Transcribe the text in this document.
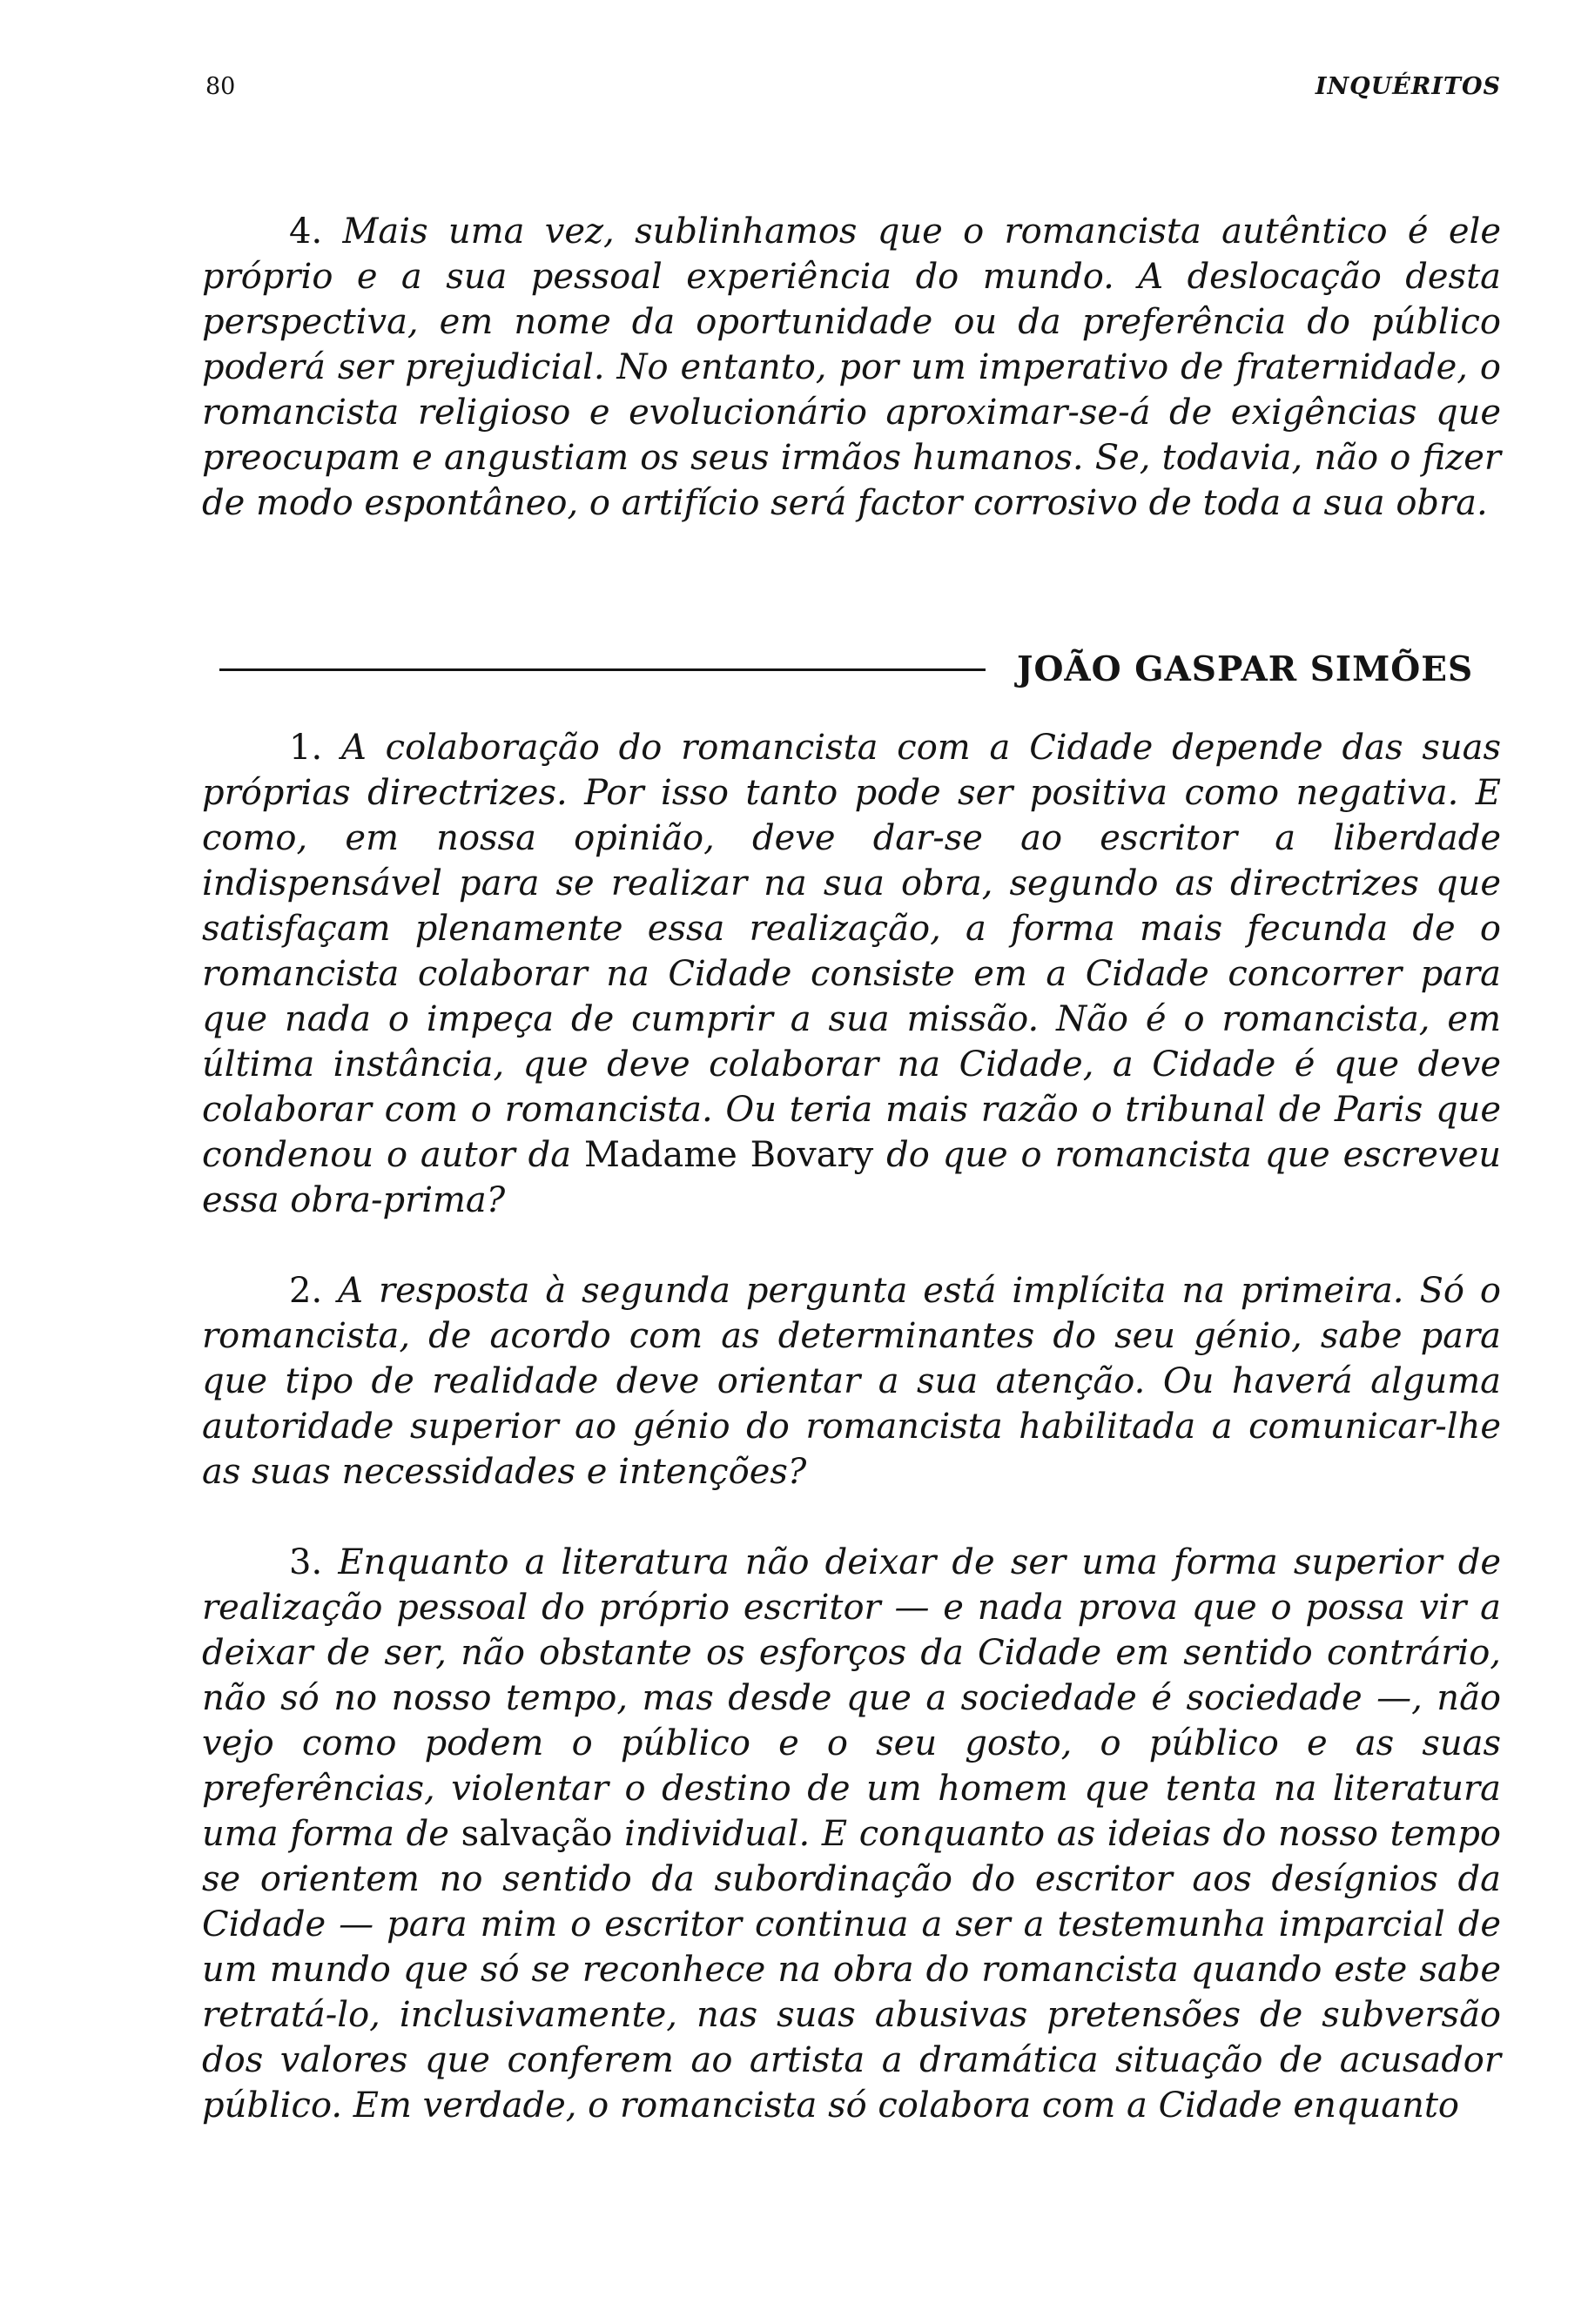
80	INQUÉRITOS

4. Mais uma vez, sublinhamos que o romancista autêntico é ele próprio e a sua pessoal experiência do mundo. A deslocação desta perspectiva, em nome da oportunidade ou da preferência do público poderá ser prejudicial. No entanto, por um imperativo de fraternidade, o romancista religioso e evolucionário aproximar-se-á de exigências que preocupam e angustiam os seus irmãos humanos. Se, todavia, não o fizer de modo espontâneo, o artifício será factor corrosivo de toda a sua obra.

JOÃO GASPAR SIMÕES

1. A colaboração do romancista com a Cidade depende das suas próprias directrizes. Por isso tanto pode ser positiva como negativa. E como, em nossa opinião, deve dar-se ao escritor a liberdade indispensável para se realizar na sua obra, segundo as directrizes que satisfaçam plenamente essa realização, a forma mais fecunda de o romancista colaborar na Cidade consiste em a Cidade concorrer para que nada o impeça de cumprir a sua missão. Não é o romancista, em última instância, que deve colaborar na Cidade, a Cidade é que deve colaborar com o romancista. Ou teria mais razão o tribunal de Paris que condenou o autor da Madame Bovary do que o romancista que escreveu essa obra-prima?

2. A resposta à segunda pergunta está implícita na primeira. Só o romancista, de acordo com as determinantes do seu génio, sabe para que tipo de realidade deve orientar a sua atenção. Ou haverá alguma autoridade superior ao génio do romancista habilitada a comunicar-lhe as suas necessidades e intenções?

3. Enquanto a literatura não deixar de ser uma forma superior de realização pessoal do próprio escritor — e nada prova que o possa vir a deixar de ser, não obstante os esforços da Cidade em sentido contrário, não só no nosso tempo, mas desde que a sociedade é sociedade —, não vejo como podem o público e o seu gosto, o público e as suas preferências, violentar o destino de um homem que tenta na literatura uma forma de salvação individual. E conquanto as ideias do nosso tempo se orientem no sentido da subordinação do escritor aos desígnios da Cidade — para mim o escritor continua a ser a testemunha imparcial de um mundo que só se reconhece na obra do romancista quando este sabe retratá-lo, inclusivamente, nas suas abusivas pretensões de subversão dos valores que conferem ao artista a dramática situação de acusador público. Em verdade, o romancista só colabora com a Cidade enquanto
